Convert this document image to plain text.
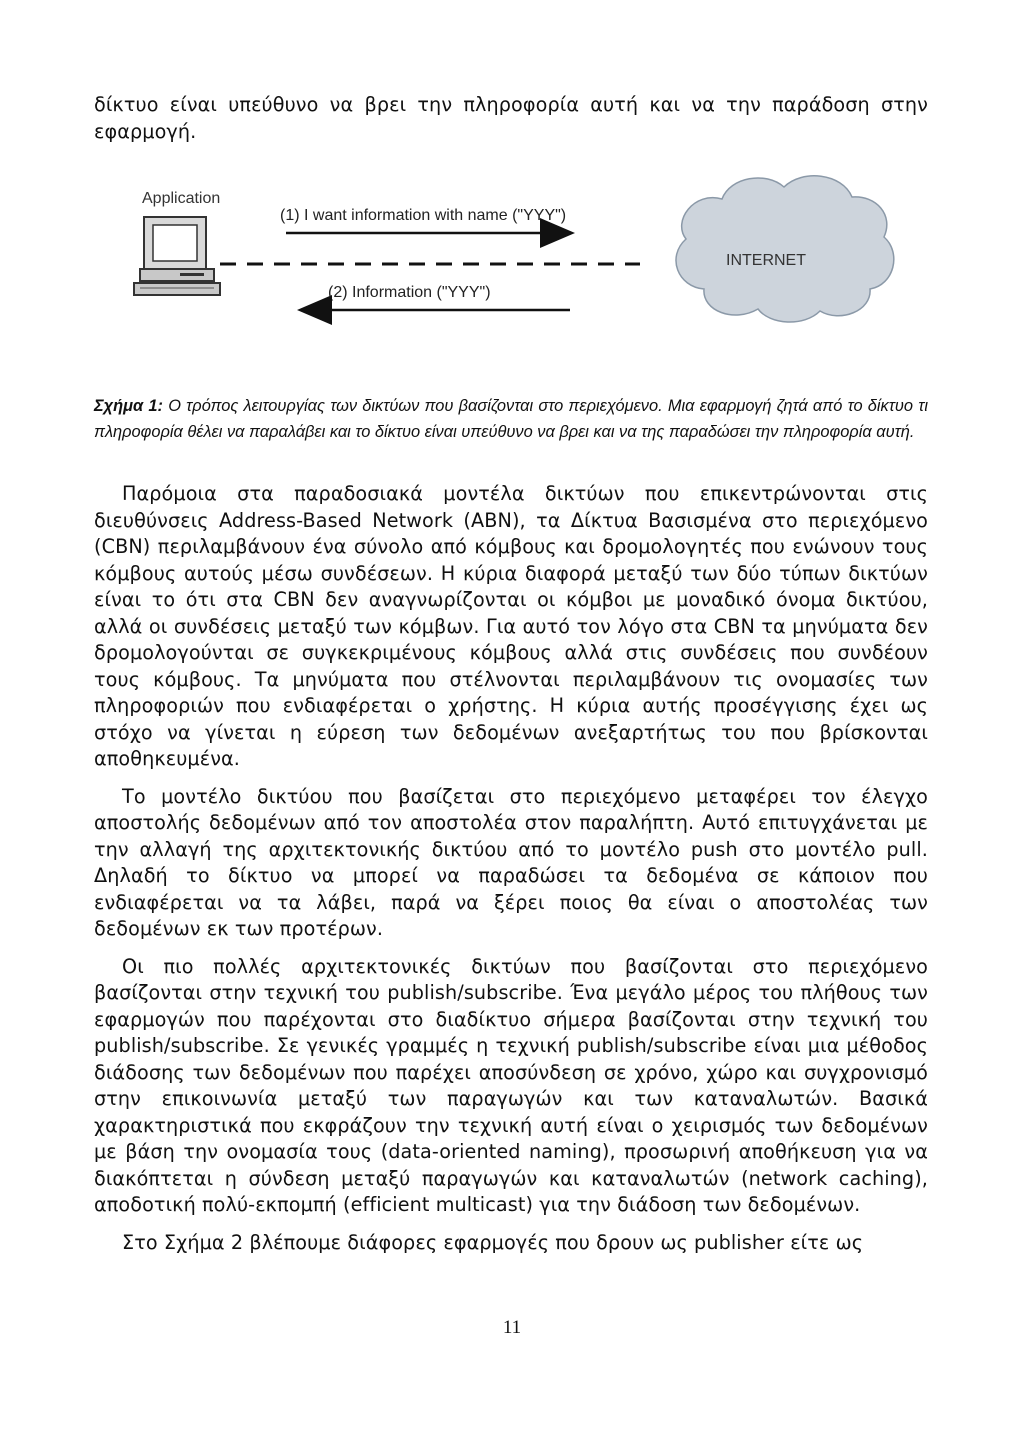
δίκτυο είναι υπεύθυνο να βρει την πληροφορία αυτή και να την παράδοση στην εφαρμογή.

Application
(1) I want information with name ("YYY")
(2) Information ("YYY")
INTERNET

Σχήμα 1: Ο τρόπος λειτουργίας των δικτύων που βασίζονται στο περιεχόμενο. Μια εφαρμογή ζητά από το δίκτυο τι πληροφορία θέλει να παραλάβει και το δίκτυο είναι υπεύθυνο να βρει και να της παραδώσει την πληροφορία αυτή.

Παρόμοια στα παραδοσιακά μοντέλα δικτύων που επικεντρώνονται στις διευθύνσεις Address-Based Network (ABN), τα Δίκτυα Βασισμένα στο περιεχόμενο (CBN) περιλαμβάνουν ένα σύνολο από κόμβους και δρομολογητές που ενώνουν τους κόμβους αυτούς μέσω συνδέσεων. Η κύρια διαφορά μεταξύ των δύο τύπων δικτύων είναι το ότι στα CBN δεν αναγνωρίζονται οι κόμβοι με μοναδικό όνομα δικτύου, αλλά οι συνδέσεις μεταξύ των κόμβων. Για αυτό τον λόγο στα CBN τα μηνύματα δεν δρομολογούνται σε συγκεκριμένους κόμβους αλλά στις συνδέσεις που συνδέουν τους κόμβους. Τα μηνύματα που στέλνονται περιλαμβάνουν τις ονομασίες των πληροφοριών που ενδιαφέρεται ο χρήστης. Η κύρια αυτής προσέγγισης έχει ως στόχο να γίνεται η εύρεση των δεδομένων ανεξαρτήτως του που βρίσκονται αποθηκευμένα.

Το μοντέλο δικτύου που βασίζεται στο περιεχόμενο μεταφέρει τον έλεγχο αποστολής δεδομένων από τον αποστολέα στον παραλήπτη. Αυτό επιτυγχάνεται με την αλλαγή της αρχιτεκτονικής δικτύου από το μοντέλο push στο μοντέλο pull. Δηλαδή το δίκτυο να μπορεί να παραδώσει τα δεδομένα σε κάποιον που ενδιαφέρεται να τα λάβει, παρά να ξέρει ποιος θα είναι ο αποστολέας των δεδομένων εκ των προτέρων.

Οι πιο πολλές αρχιτεκτονικές δικτύων που βασίζονται στο περιεχόμενο βασίζονται στην τεχνική του publish/subscribe. Ένα μεγάλο μέρος του πλήθους των εφαρμογών που παρέχονται στο διαδίκτυο σήμερα βασίζονται στην τεχνική του publish/subscribe. Σε γενικές γραμμές η τεχνική publish/subscribe είναι μια μέθοδος διάδοσης των δεδομένων που παρέχει αποσύνδεση σε χρόνο, χώρο και συγχρονισμό στην επικοινωνία μεταξύ των παραγωγών και των καταναλωτών. Βασικά χαρακτηριστικά που εκφράζουν την τεχνική αυτή είναι ο χειρισμός των δεδομένων με βάση την ονομασία τους (data-oriented naming), προσωρινή αποθήκευση για να διακόπτεται η σύνδεση μεταξύ παραγωγών και καταναλωτών (network caching), αποδοτική πολύ-εκπομπή (efficient multicast) για την διάδοση των δεδομένων.

Στο Σχήμα 2 βλέπουμε διάφορες εφαρμογές που δρουν ως publisher είτε ως

11
